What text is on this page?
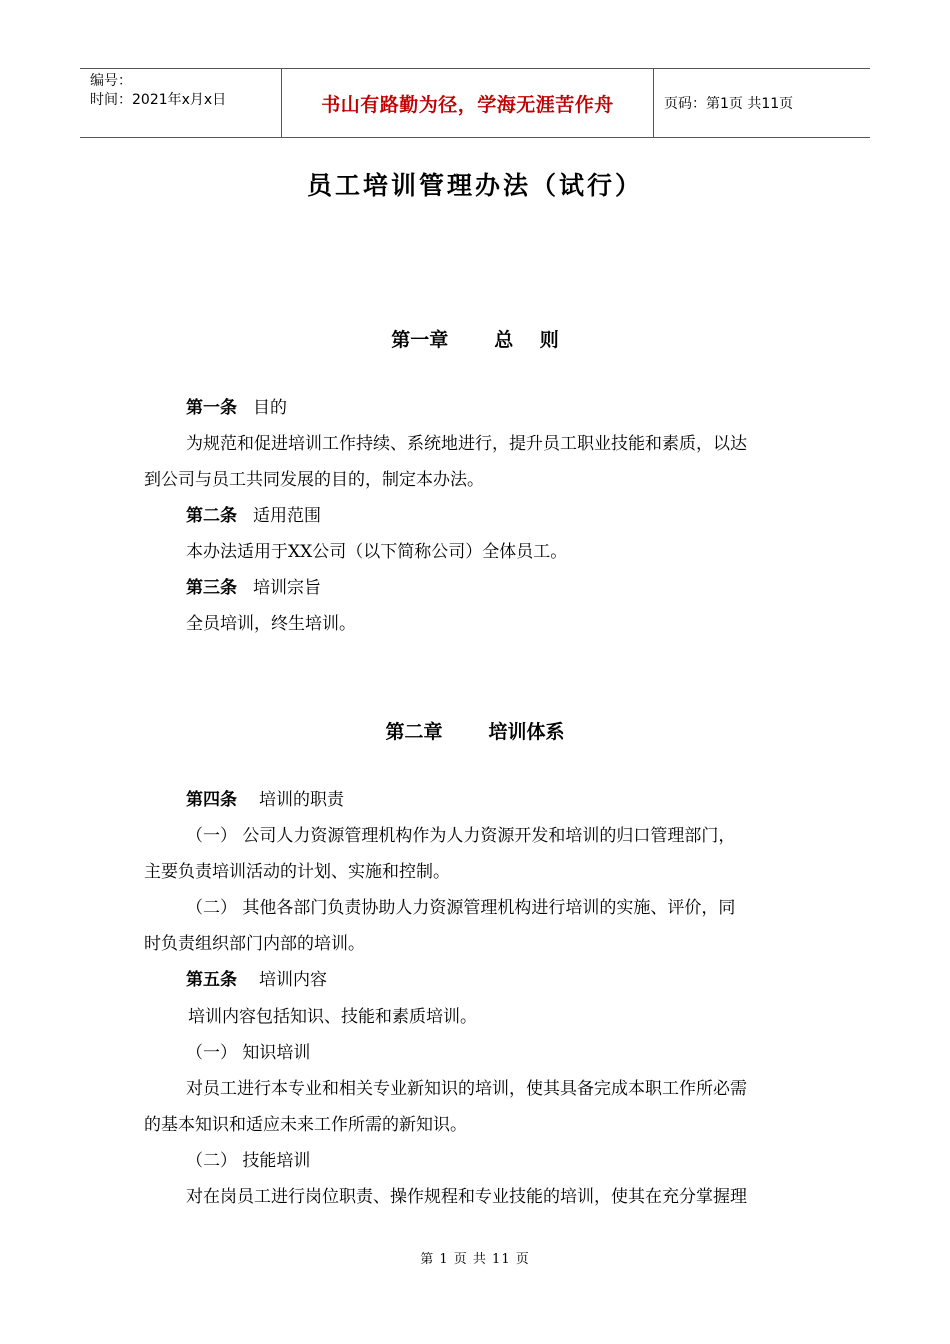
编号：
时间：2021年x月x日	书山有路勤为径，学海无涯苦作舟	页码：第1页 共11页
员工培训管理办法（试行）
第一章 总    则
第一条 目的
为规范和促进培训工作持续、系统地进行，提升员工职业技能和素质，以达
到公司与员工共同发展的目的，制定本办法。
第二条 适用范围
本办法适用于XX公司（以下简称公司）全体员工。
第三条 培训宗旨
全员培训，终生培训。
第二章 培训体系
第四条 培训的职责
（一） 公司人力资源管理机构作为人力资源开发和培训的归口管理部门，
主要负责培训活动的计划、实施和控制。
（二） 其他各部门负责协助人力资源管理机构进行培训的实施、评价，同
时负责组织部门内部的培训。
第五条 培训内容
培训内容包括知识、技能和素质培训。
（一） 知识培训
对员工进行本专业和相关专业新知识的培训，使其具备完成本职工作所必需
的基本知识和适应未来工作所需的新知识。
（二） 技能培训
对在岗员工进行岗位职责、操作规程和专业技能的培训，使其在充分掌握理
第 1 页 共 11 页
